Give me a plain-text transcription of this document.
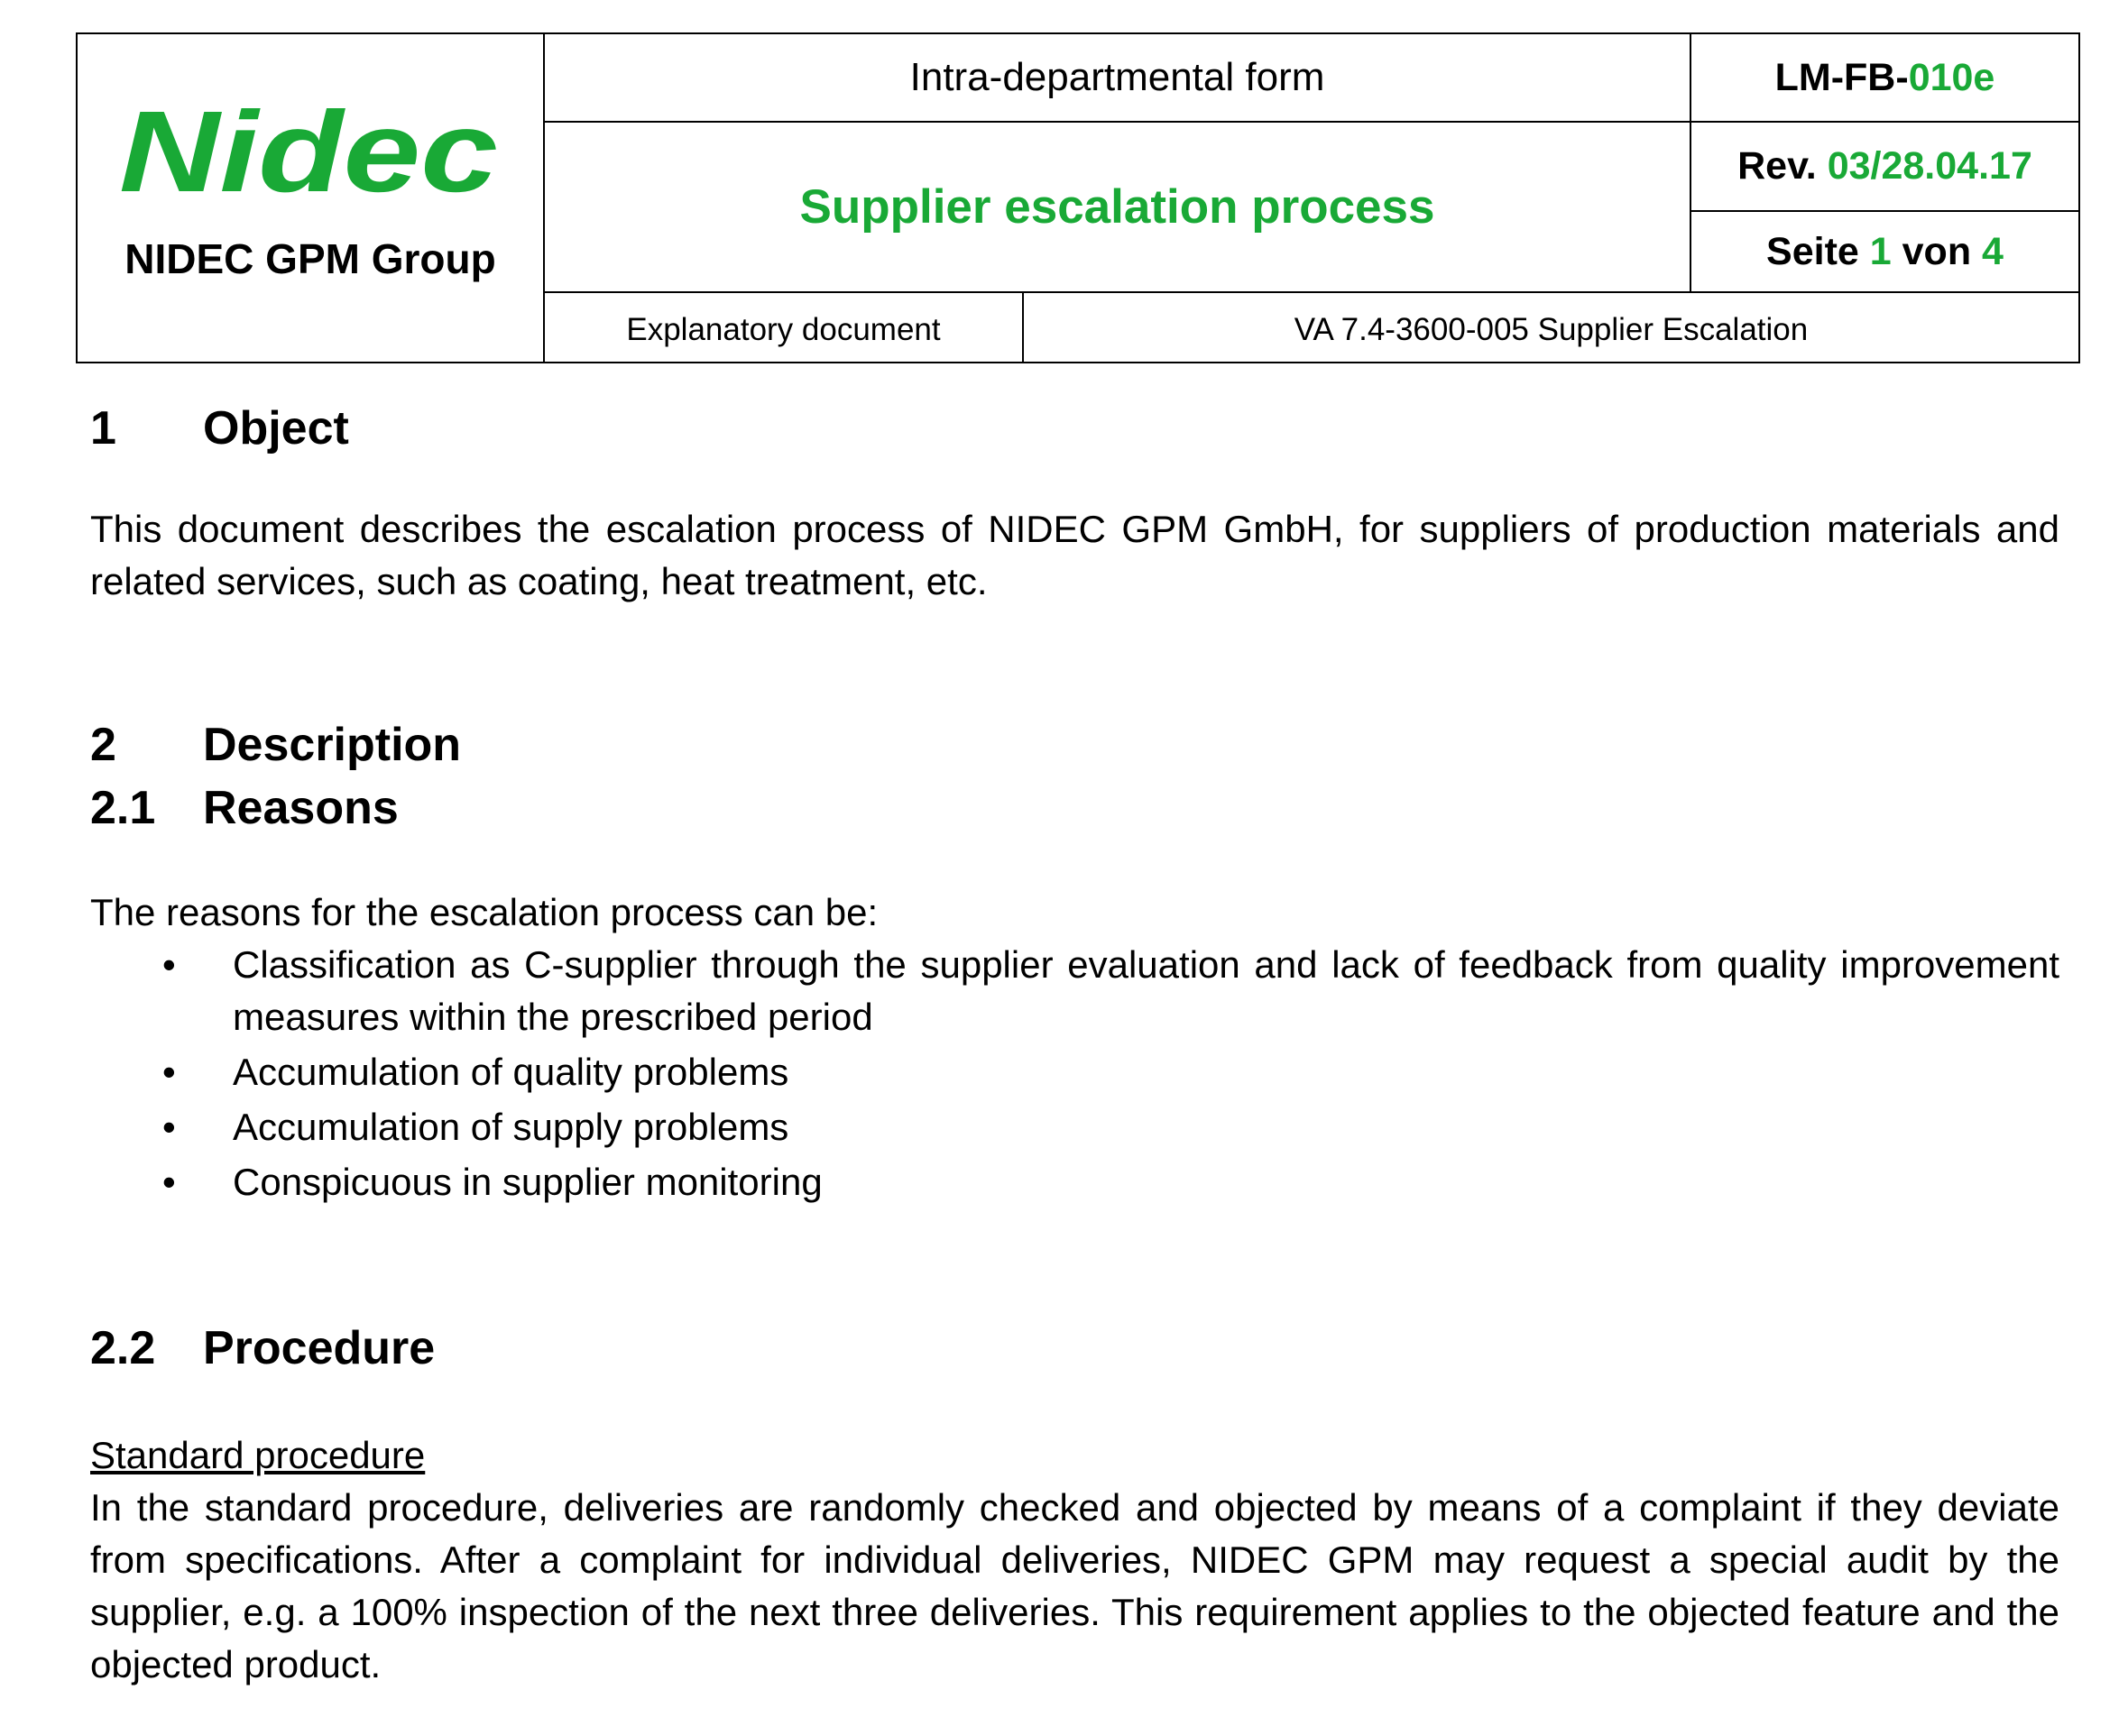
Nidec
NIDEC GPM Group	Intra-departmental form		LM-FB-010e
	Supplier escalation process		Rev. 03/28.04.17
			Seite 1 von 4
	Explanatory document	VA 7.4-3600-005 Supplier Escalation	
1 Object

This document describes the escalation process of NIDEC GPM GmbH, for suppliers of production materials and related services, such as coating, heat treatment, etc.

2 Description
2.1 Reasons

The reasons for the escalation process can be:

• Classification as C-supplier through the supplier evaluation and lack of feedback from quality improvement measures within the prescribed period
• Accumulation of quality problems
• Accumulation of supply problems
• Conspicuous in supplier monitoring
2.2 Procedure

Standard procedure

In the standard procedure, deliveries are randomly checked and objected by means of a complaint if they deviate from specifications. After a complaint for individual deliveries, NIDEC GPM may request a special audit by the supplier, e.g. a 100% inspection of the next three deliveries. This requirement applies to the objected feature and the objected product.
